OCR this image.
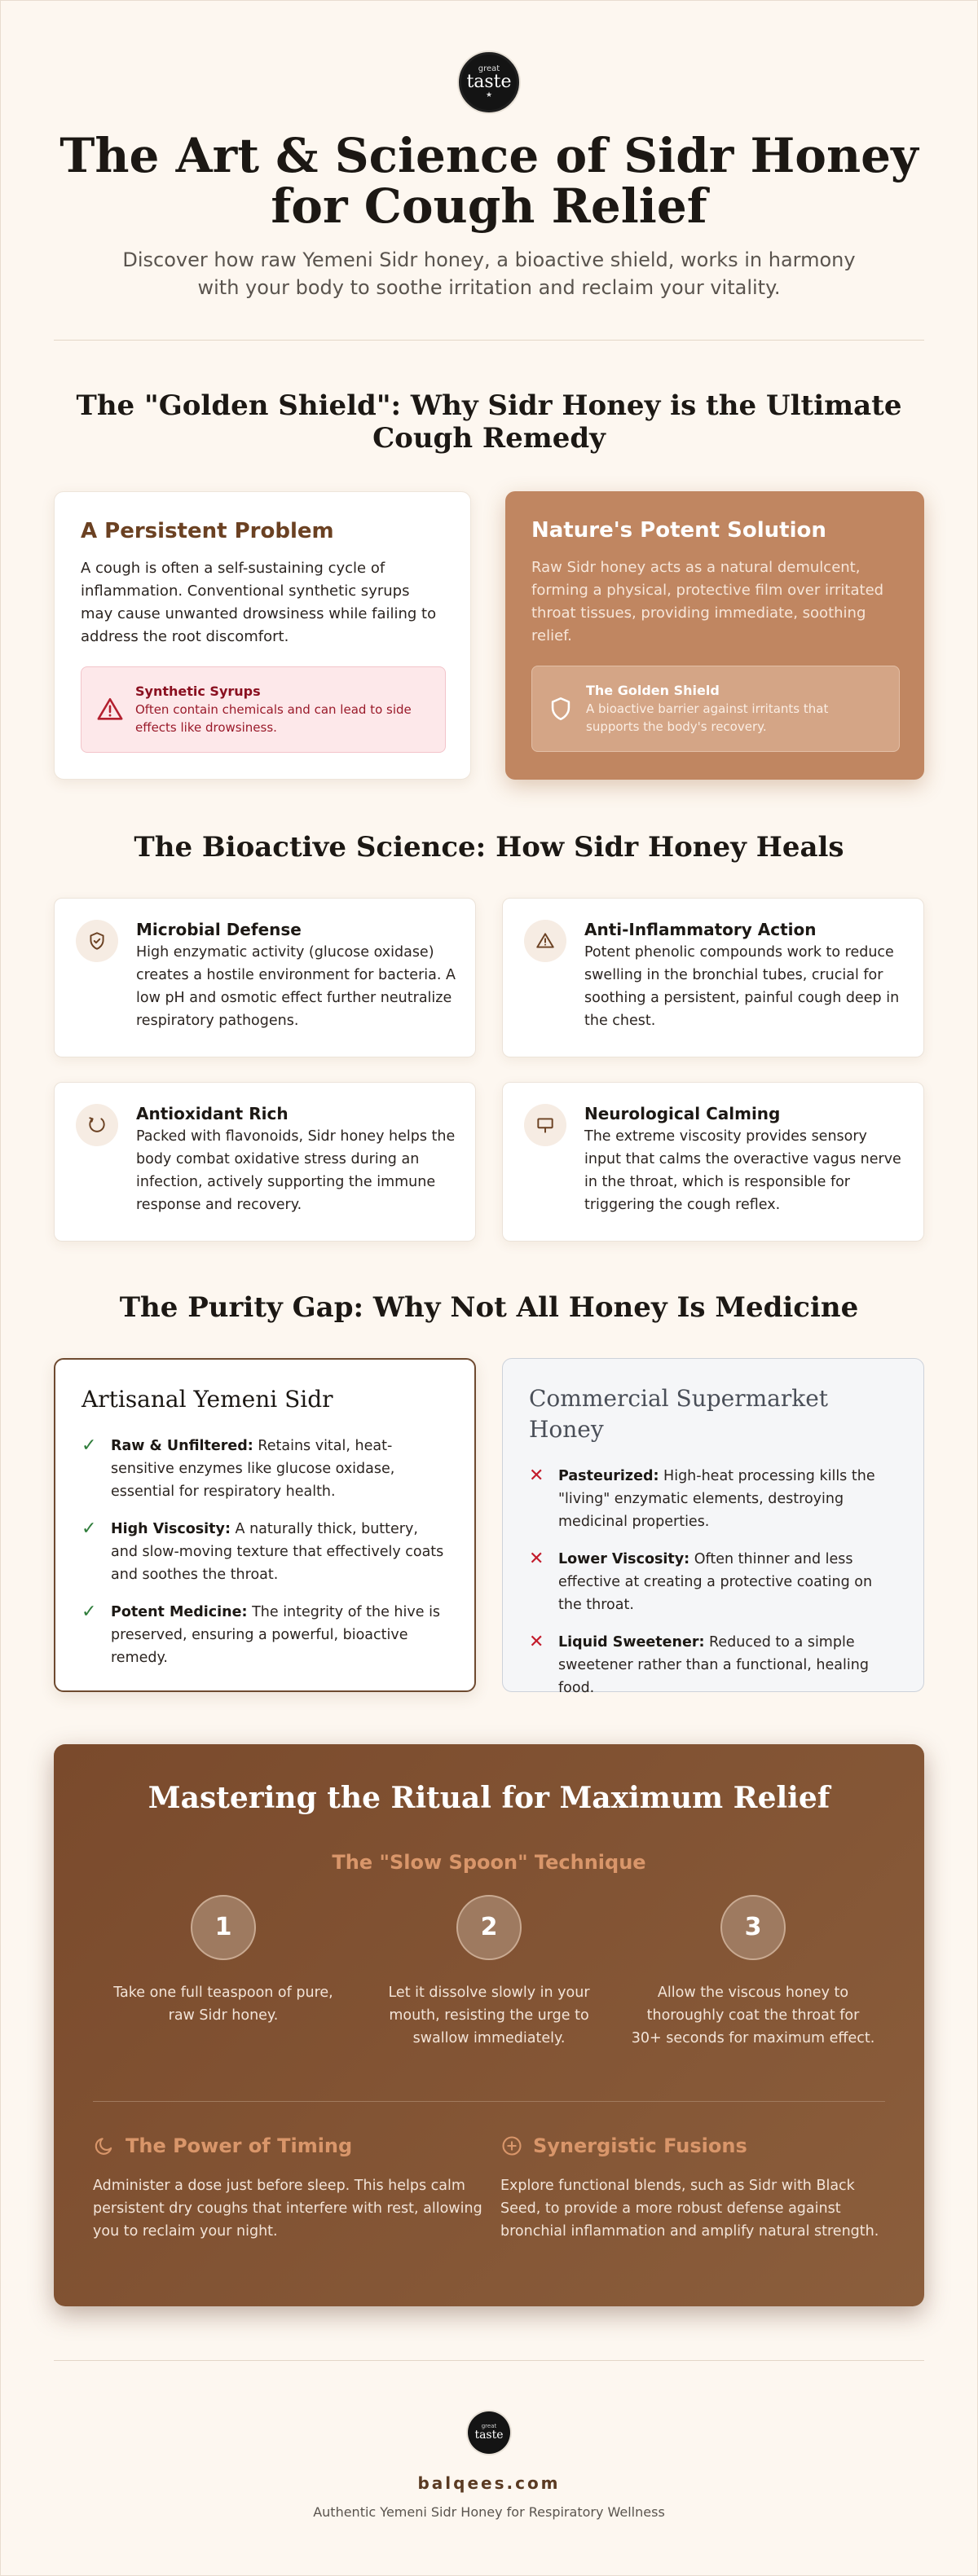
great
taste
★
The Art & Science of Sidr Honey for Cough Relief

Discover how raw Yemeni Sidr honey, a bioactive shield, works in harmony with your body to soothe irritation and reclaim your vitality.

The "Golden Shield": Why Sidr Honey is the Ultimate Cough Remedy
A Persistent Problem

A cough is often a self-sustaining cycle of inflammation. Conventional synthetic syrups may cause unwanted drowsiness while failing to address the root discomfort.

Synthetic Syrups
Often contain chemicals and can lead to side effects like drowsiness.
Nature's Potent Solution

Raw Sidr honey acts as a natural demulcent, forming a physical, protective film over irritated throat tissues, providing immediate, soothing relief.

The Golden Shield
A bioactive barrier against irritants that supports the body's recovery.
The Bioactive Science: How Sidr Honey Heals
Microbial Defense

High enzymatic activity (glucose oxidase) creates a hostile environment for bacteria. A low pH and osmotic effect further neutralize respiratory pathogens.

Anti-Inflammatory Action

Potent phenolic compounds work to reduce swelling in the bronchial tubes, crucial for soothing a persistent, painful cough deep in the chest.

Antioxidant Rich

Packed with flavonoids, Sidr honey helps the body combat oxidative stress during an infection, actively supporting the immune response and recovery.

Neurological Calming

The extreme viscosity provides sensory input that calms the overactive vagus nerve in the throat, which is responsible for triggering the cough reflex.

The Purity Gap: Why Not All Honey Is Medicine
Artisanal Yemeni Sidr
✓	Raw & Unfiltered: Retains vital, heat-sensitive enzymes like glucose oxidase, essential for respiratory health.
✓	High Viscosity: A naturally thick, buttery, and slow-moving texture that effectively coats and soothes the throat.
✓	Potent Medicine: The integrity of the hive is preserved, ensuring a powerful, bioactive remedy.
Commercial Supermarket Honey
✕	Pasteurized: High-heat processing kills the "living" enzymatic elements, destroying medicinal properties.
✕	Lower Viscosity: Often thinner and less effective at creating a protective coating on the throat.
✕	Liquid Sweetener: Reduced to a simple sweetener rather than a functional, healing food.
Mastering the Ritual for Maximum Relief
The "Slow Spoon" Technique
1
Take one full teaspoon of pure, raw Sidr honey.
2
Let it dissolve slowly in your mouth, resisting the urge to swallow immediately.
3
Allow the viscous honey to thoroughly coat the throat for 30+ seconds for maximum effect.
The Power of Timing

Administer a dose just before sleep. This helps calm persistent dry coughs that interfere with rest, allowing you to reclaim your night.

Synergistic Fusions

Explore functional blends, such as Sidr with Black Seed, to provide a more robust defense against bronchial inflammation and amplify natural strength.

great
taste
balqees.com
Authentic Yemeni Sidr Honey for Respiratory Wellness
